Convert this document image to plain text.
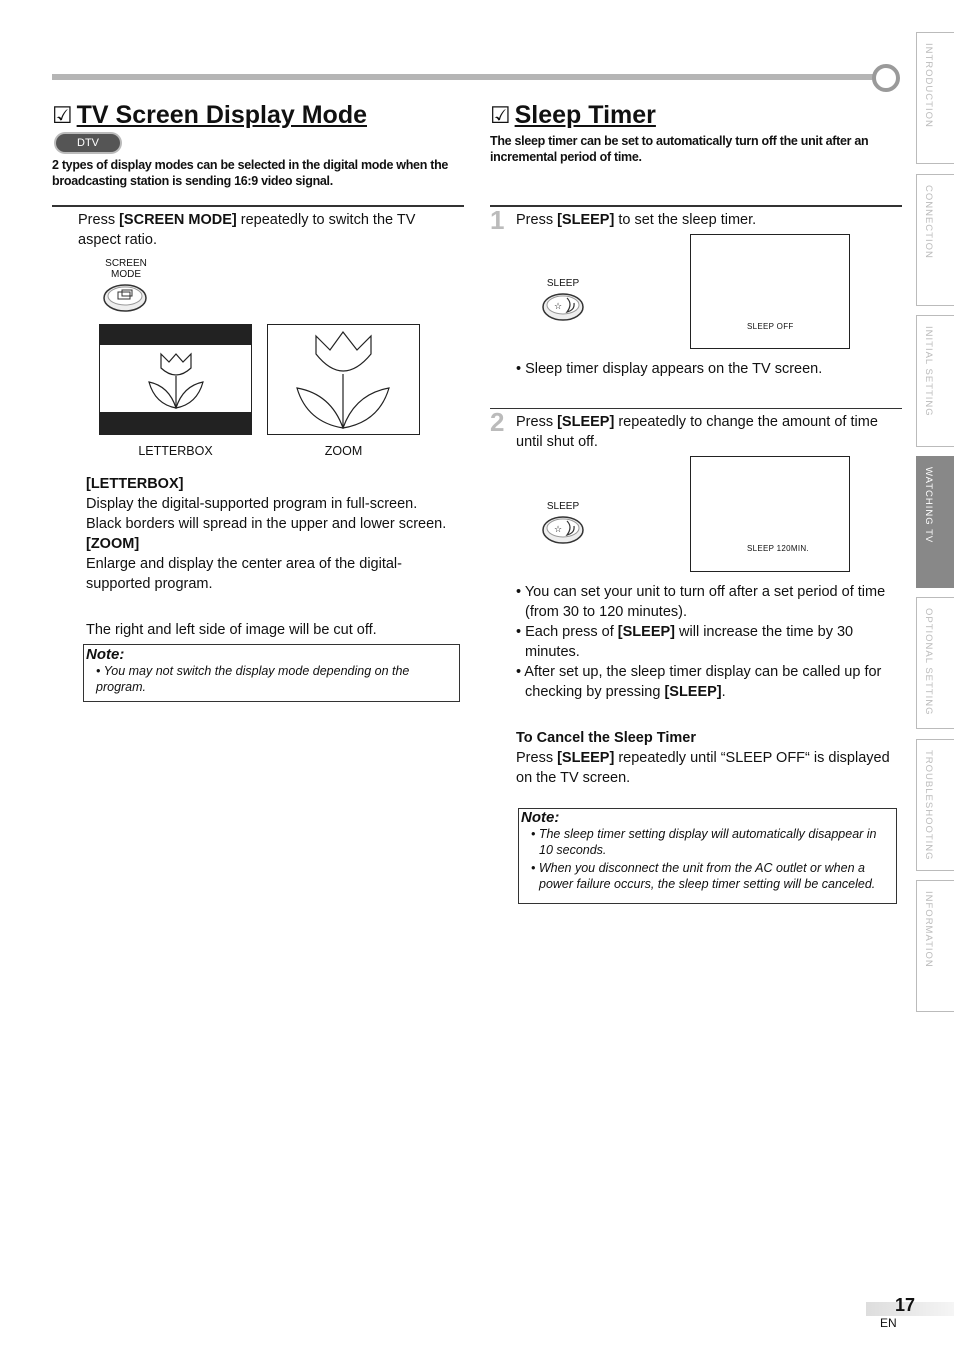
☑ TV Screen Display Mode
DTV
2 types of display modes can be selected in the digital mode when the broadcasting station is sending 16:9 video signal.
Press [SCREEN MODE] repeatedly to switch the TV aspect ratio.
SCREEN
MODE
LETTERBOX	ZOOM
[LETTERBOX]
Display the digital-supported program in full-screen. Black borders will spread in the upper and lower screen.
[ZOOM]
Enlarge and display the center area of the digital-supported program.
The right and left side of image will be cut off.
Note:
• You may not switch the display mode depending on the program.
☑ Sleep Timer
The sleep timer can be set to automatically turn off the unit after an incremental period of time.
1 Press [SLEEP] to set the sleep timer.
SLEEP
☆
SLEEP OFF
• Sleep timer display appears on the TV screen.
2 Press [SLEEP] repeatedly to change the amount of time until shut off.
SLEEP
☆
SLEEP 120MIN.
• You can set your unit to turn off after a set period of time (from 30 to 120 minutes).
• Each press of [SLEEP] will increase the time by 30 minutes.
• After set up, the sleep timer display can be called up for checking by pressing [SLEEP].
To Cancel the Sleep Timer
Press [SLEEP] repeatedly until “SLEEP OFF“ is displayed on the TV screen.
Note:
• The sleep timer setting display will automatically disappear in 10 seconds.
• When you disconnect the unit from the AC outlet or when a power failure occurs, the sleep timer setting will be canceled.
INTRODUCTION
CONNECTION
INITIAL SETTING
WATCHING TV
OPTIONAL SETTING
TROUBLESHOOTING
INFORMATION
17
EN
